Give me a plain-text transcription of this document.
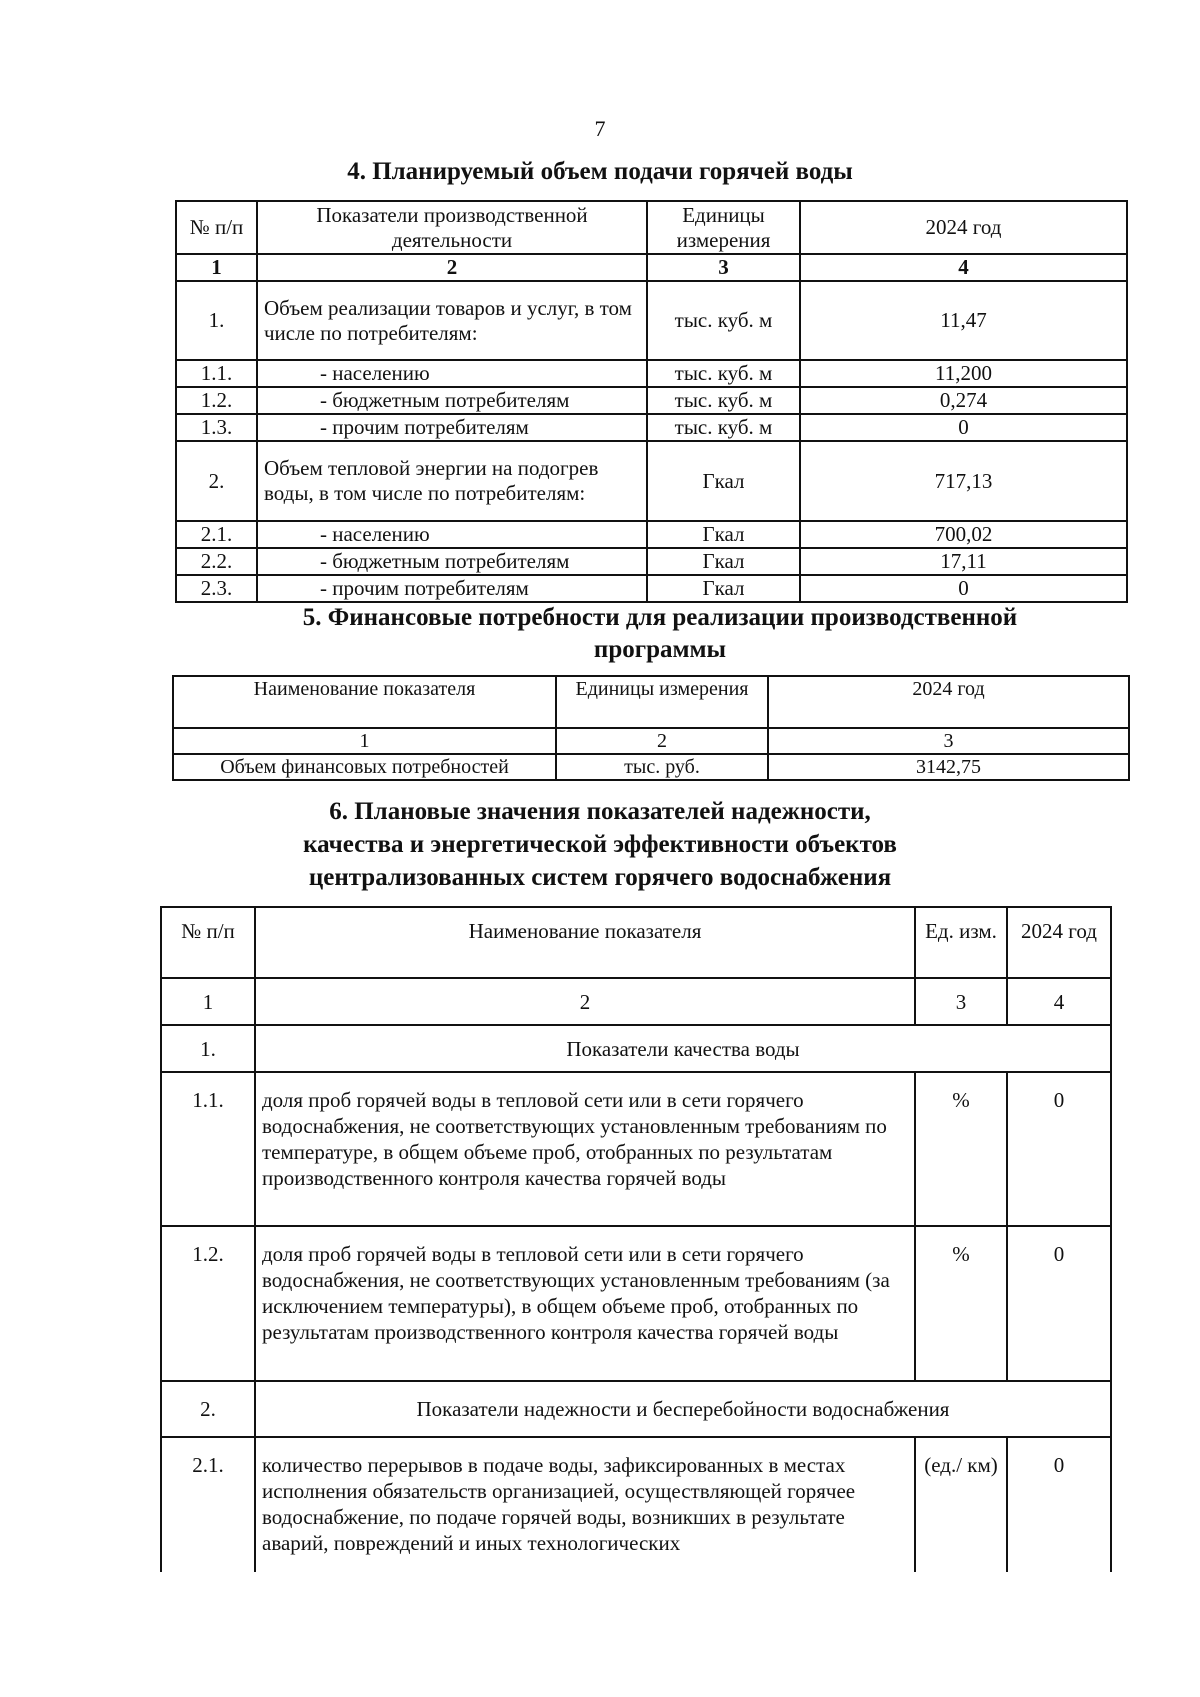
7
4. Планируемый объем подачи горячей воды
№ п/п	Показатели производственной деятельности	Единицы измерения	2024 год
1	2	3	4
1.	Объем реализации товаров и услуг, в том числе по потребителям:	тыс. куб. м	11,47
1.1.	- населению	тыс. куб. м	11,200
1.2.	- бюджетным потребителям	тыс. куб. м	0,274
1.3.	- прочим потребителям	тыс. куб. м	0
2.	Объем тепловой энергии на подогрев воды, в том числе по потребителям:	Гкал	717,13
2.1.	- населению	Гкал	700,02
2.2.	- бюджетным потребителям	Гкал	17,11
2.3.	- прочим потребителям	Гкал	0
5. Финансовые потребности для реализации производственной
программы
Наименование показателя	Единицы измерения	2024 год
1	2	3
Объем финансовых потребностей	тыс. руб.	3142,75
6. Плановые значения показателей надежности,
качества и энергетической эффективности объектов
централизованных систем горячего водоснабжения
№ п/п	Наименование показателя	Ед. изм.	2024 год
1	2	3	4
1.	Показатели качества воды		
1.1.	доля проб горячей воды в тепловой сети или в сети горячего водоснабжения, не соответствующих установленным требованиям по температуре, в общем объеме проб, отобранных по результатам производственного контроля качества горячей воды	%	0
1.2.	доля проб горячей воды в тепловой сети или в сети горячего водоснабжения, не соответствующих установленным требованиям (за исключением температуры), в общем объеме проб, отобранных по результатам производственного контроля качества горячей воды	%	0
2.	Показатели надежности и бесперебойности водоснабжения		
2.1.	количество перерывов в подаче воды, зафиксированных в местах исполнения обязательств организацией, осуществляющей горячее водоснабжение, по подаче горячей воды, возникших в результате аварий, повреждений и иных технологических	(ед./ км)	0
